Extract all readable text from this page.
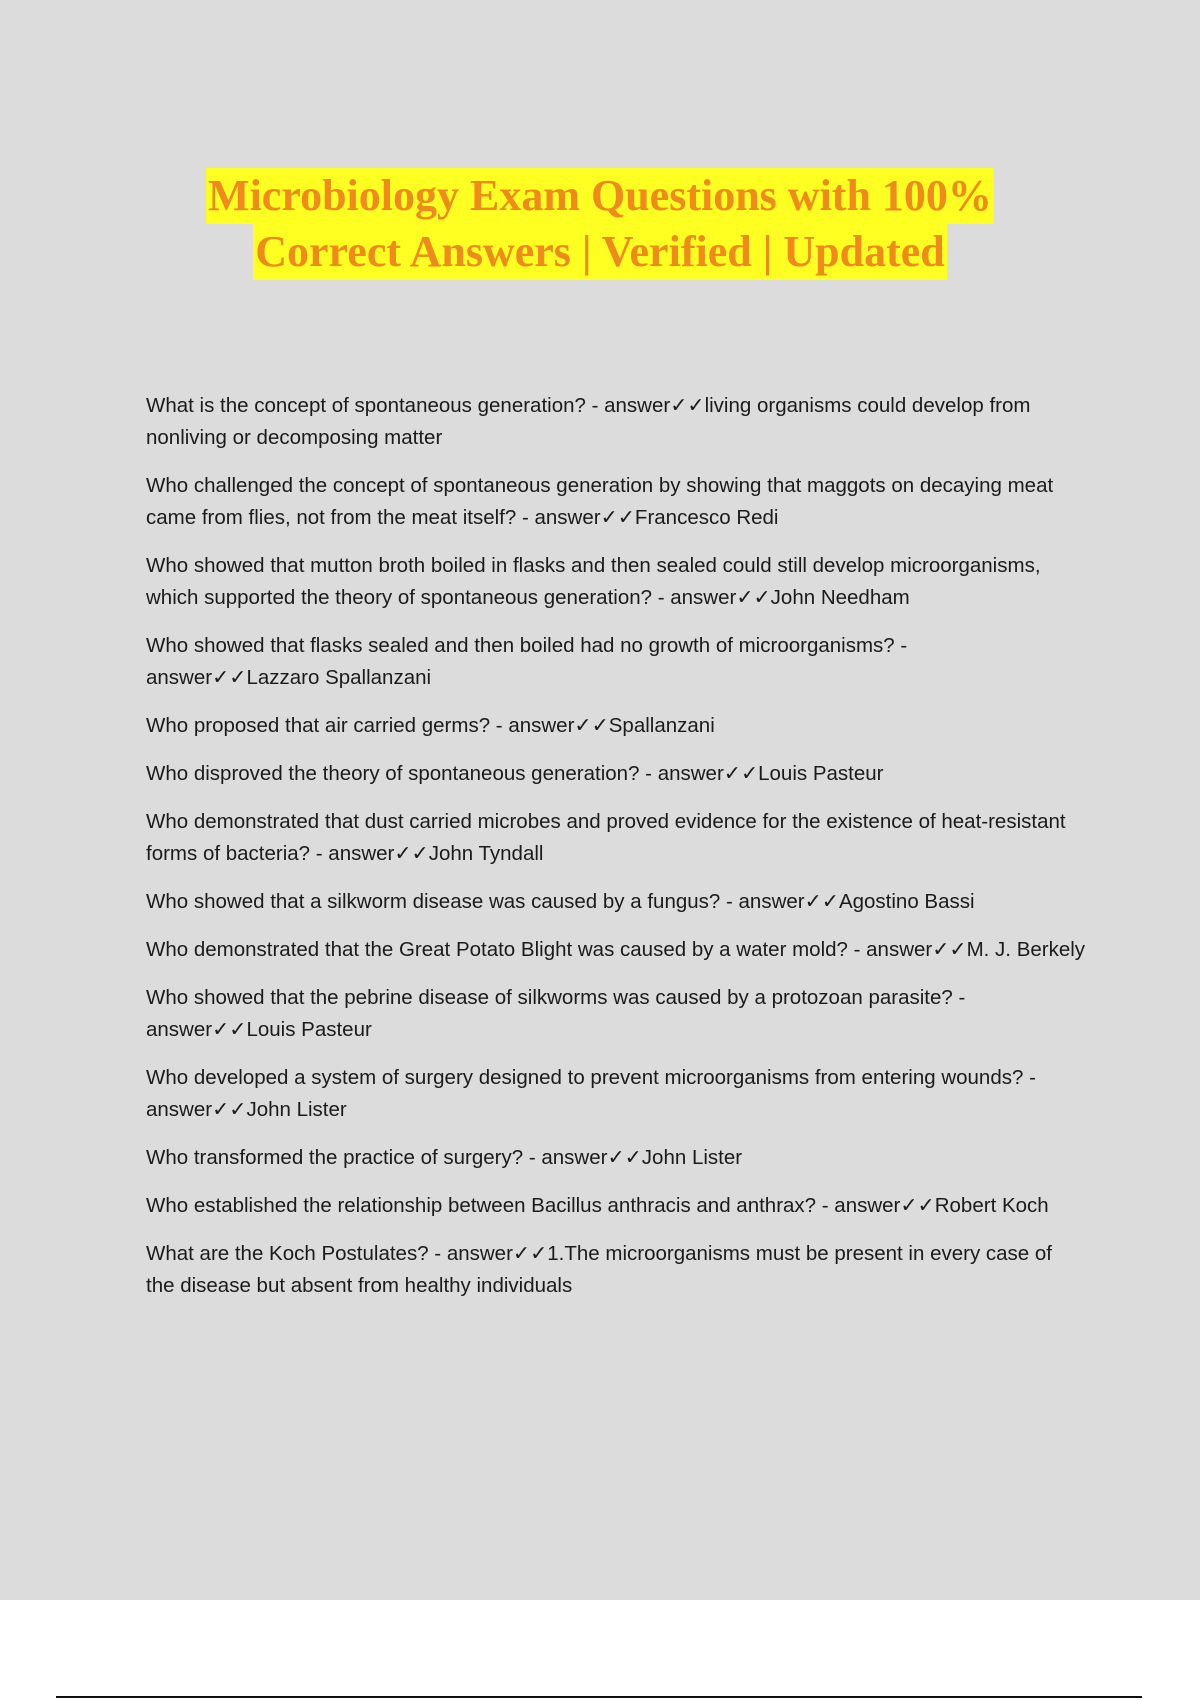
Microbiology Exam Questions with 100%
Correct Answers | Verified | Updated

What is the concept of spontaneous generation? - answer✓✓living organisms could develop from nonliving or decomposing matter

Who challenged the concept of spontaneous generation by showing that maggots on decaying meat came from flies, not from the meat itself? - answer✓✓Francesco Redi

Who showed that mutton broth boiled in flasks and then sealed could still develop microorganisms, which supported the theory of spontaneous generation? - answer✓✓John Needham

Who showed that flasks sealed and then boiled had no growth of microorganisms? - answer✓✓Lazzaro Spallanzani

Who proposed that air carried germs? - answer✓✓Spallanzani

Who disproved the theory of spontaneous generation? - answer✓✓Louis Pasteur

Who demonstrated that dust carried microbes and proved evidence for the existence of heat-resistant forms of bacteria? - answer✓✓John Tyndall

Who showed that a silkworm disease was caused by a fungus? - answer✓✓Agostino Bassi

Who demonstrated that the Great Potato Blight was caused by a water mold? - answer✓✓M. J. Berkely

Who showed that the pebrine disease of silkworms was caused by a protozoan parasite? - answer✓✓Louis Pasteur

Who developed a system of surgery designed to prevent microorganisms from entering wounds? - answer✓✓John Lister

Who transformed the practice of surgery? - answer✓✓John Lister

Who established the relationship between Bacillus anthracis and anthrax? - answer✓✓Robert Koch

What are the Koch Postulates? - answer✓✓1.The microorganisms must be present in every case of the disease but absent from healthy individuals
